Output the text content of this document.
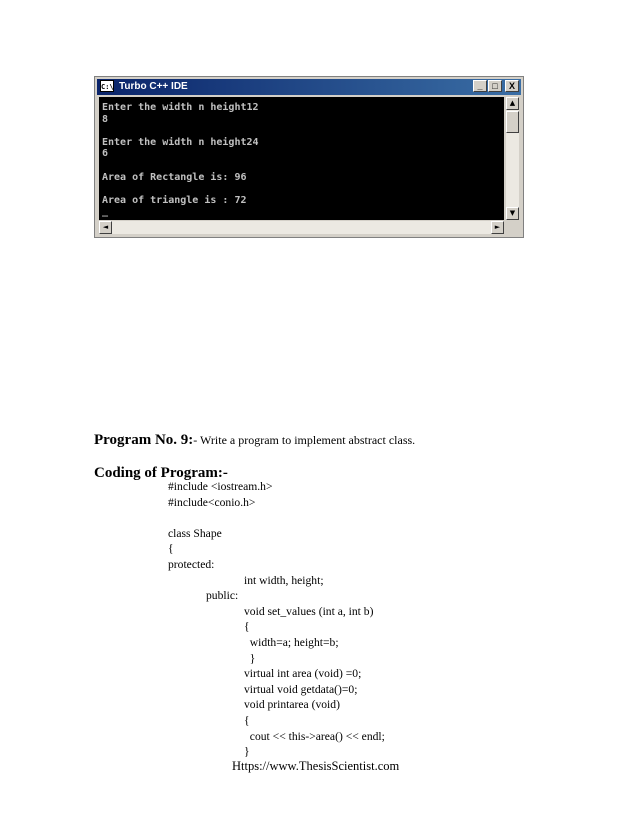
C:\ Turbo C++ IDE	_	□	X
Enter the width n height12
8
Enter the width n height24
6
Area of Rectangle is: 96
Area of triangle is : 72
_
▲
▼
◄	►
Program No. 9:- Write a program to implement abstract class.
Coding of Program:-
#include <iostream.h>
#include<conio.h>
class Shape
{
protected:
int width, height;
public:
void set_values (int a, int b)
{
width=a; height=b;
}
virtual int area (void) =0;
virtual void getdata()=0;
void printarea (void)
{
cout << this->area() << endl;
}
Https://www.ThesisScientist.com
